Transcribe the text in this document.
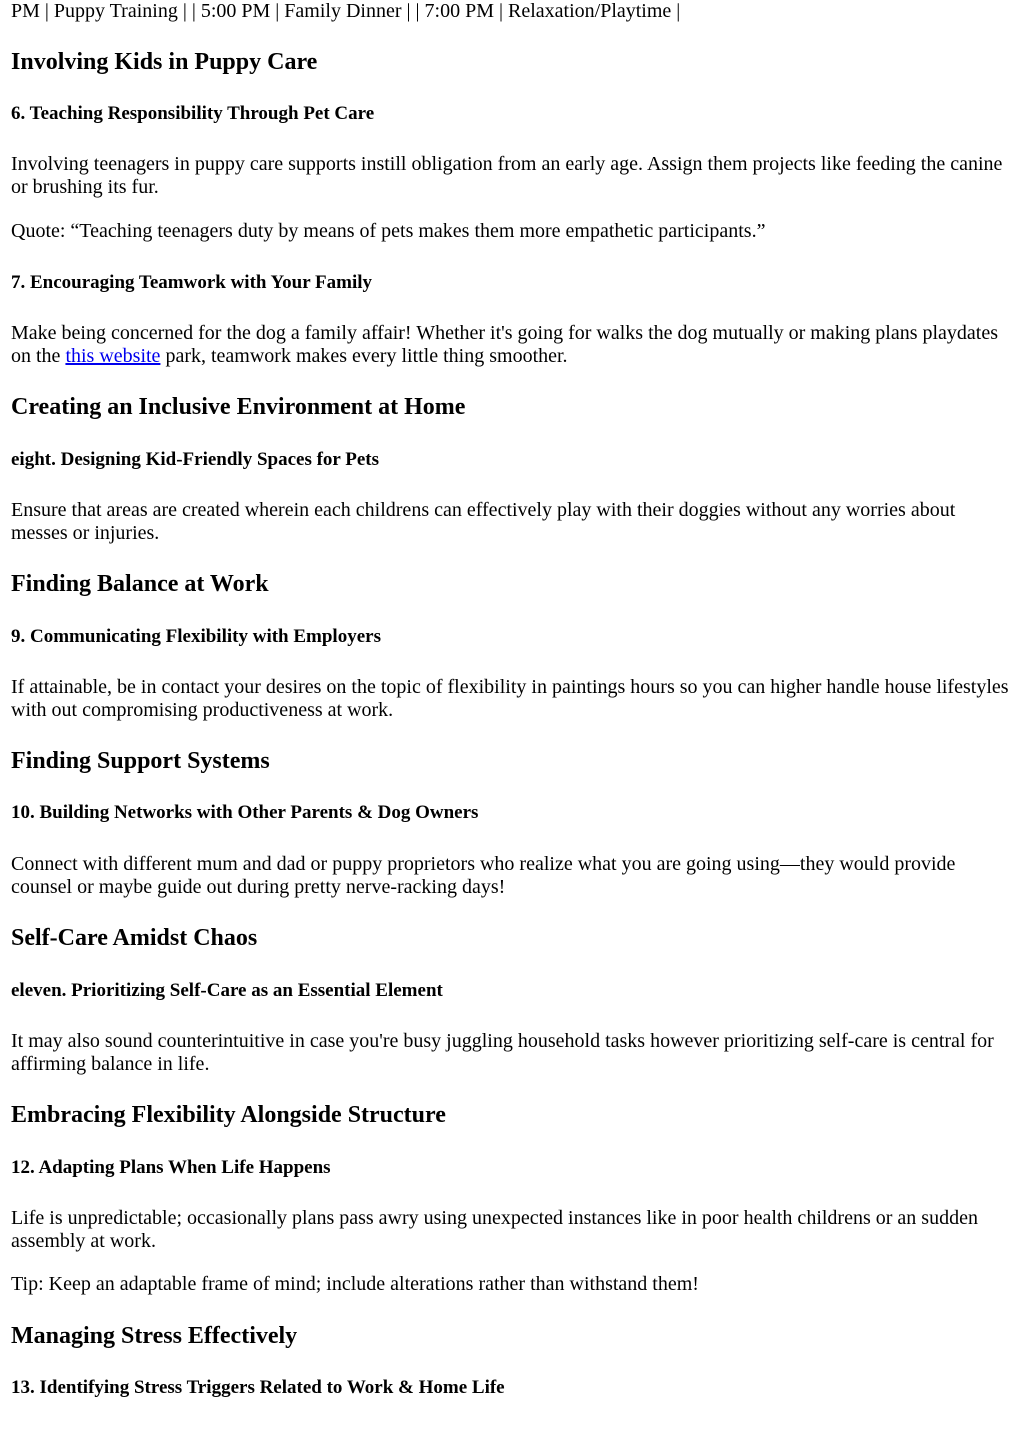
PM | Puppy Training | | 5:00 PM | Family Dinner | | 7:00 PM | Relaxation/Playtime |
Involving Kids in Puppy Care
6. Teaching Responsibility Through Pet Care

Involving teenagers in puppy care supports instill obligation from an early age. Assign them projects like feeding the canine or brushing its fur.

Quote: “Teaching teenagers duty by means of pets makes them more empathetic participants.”

7. Encouraging Teamwork with Your Family

Make being concerned for the dog a family affair! Whether it's going for walks the dog mutually or making plans playdates on the this website park, teamwork makes every little thing smoother.

Creating an Inclusive Environment at Home
eight. Designing Kid-Friendly Spaces for Pets

Ensure that areas are created wherein each childrens can effectively play with their doggies without any worries about messes or injuries.

Finding Balance at Work
9. Communicating Flexibility with Employers

If attainable, be in contact your desires on the topic of flexibility in paintings hours so you can higher handle house lifestyles with out compromising productiveness at work.

Finding Support Systems
10. Building Networks with Other Parents & Dog Owners

Connect with different mum and dad or puppy proprietors who realize what you are going using—they would provide counsel or maybe guide out during pretty nerve-racking days!

Self-Care Amidst Chaos
eleven. Prioritizing Self-Care as an Essential Element

It may also sound counterintuitive in case you're busy juggling household tasks however prioritizing self-care is central for affirming balance in life.

Embracing Flexibility Alongside Structure
12. Adapting Plans When Life Happens

Life is unpredictable; occasionally plans pass awry using unexpected instances like in poor health childrens or an sudden assembly at work.

Tip: Keep an adaptable frame of mind; include alterations rather than withstand them!

Managing Stress Effectively
13. Identifying Stress Triggers Related to Work & Home Life
